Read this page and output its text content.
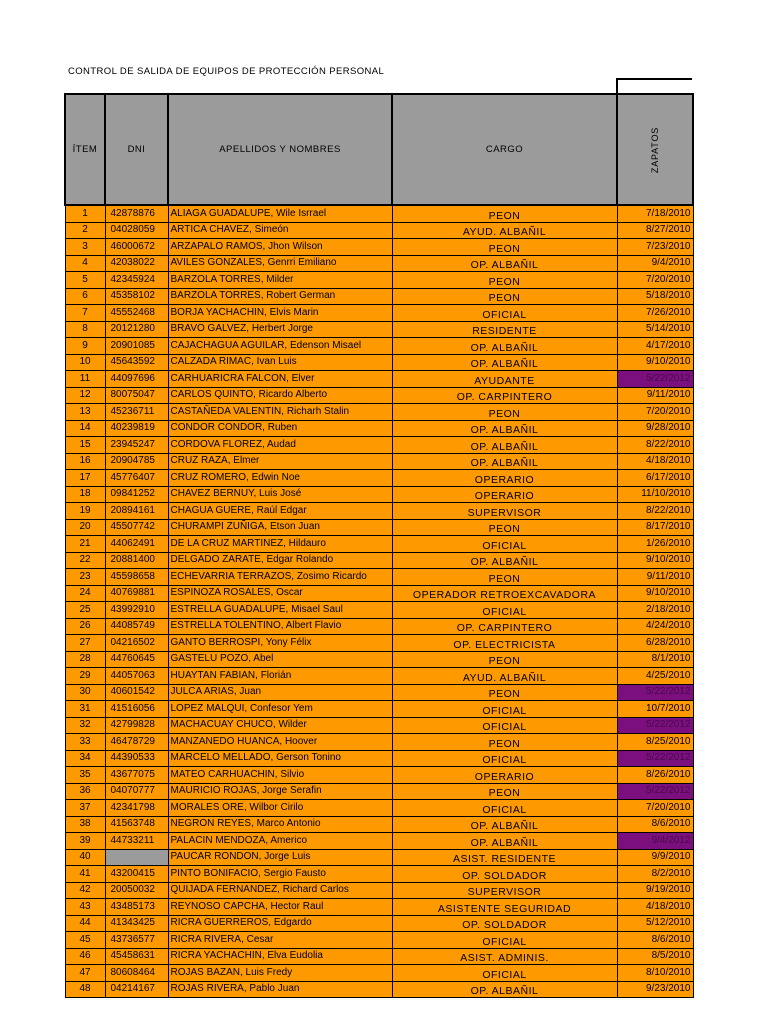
CONTROL DE SALIDA DE EQUIPOS DE PROTECCIÓN PERSONAL
ÍTEM	DNI	APELLIDOS Y NOMBRES	CARGO	ZAPATOS

1	42878876	ALIAGA GUADALUPE, Wile Isrrael	PEON	7/18/2010
2	04028059	ARTICA CHAVEZ, Simeón	AYUD. ALBAÑIL	8/27/2010
3	46000672	ARZAPALO RAMOS, Jhon Wilson	PEON	7/23/2010
4	42038022	AVILES GONZALES, Genrri Emiliano	OP. ALBAÑIL	9/4/2010
5	42345924	BARZOLA TORRES, Milder	PEON	7/20/2010
6	45358102	BARZOLA TORRES, Robert German	PEON	5/18/2010
7	45552468	BORJA YACHACHIN, Elvis Marin	OFICIAL	7/26/2010
8	20121280	BRAVO GALVEZ, Herbert Jorge	RESIDENTE	5/14/2010
9	20901085	CAJACHAGUA AGUILAR, Edenson Misael	OP. ALBAÑIL	4/17/2010
10	45643592	CALZADA RIMAC, Ivan Luis	OP. ALBAÑIL	9/10/2010
11	44097696	CARHUARICRA FALCON, Elver	AYUDANTE	5/22/2012
12	80075047	CARLOS QUINTO, Ricardo Alberto	OP. CARPINTERO	9/11/2010
13	45236711	CASTAÑEDA VALENTIN, Richarh Stalin	PEON	7/20/2010
14	40239819	CONDOR CONDOR, Ruben	OP. ALBAÑIL	9/28/2010
15	23945247	CORDOVA FLOREZ, Audad	OP. ALBAÑIL	8/22/2010
16	20904785	CRUZ RAZA, Elmer	OP. ALBAÑIL	4/18/2010
17	45776407	CRUZ ROMERO, Edwin Noe	OPERARIO	6/17/2010
18	09841252	CHAVEZ BERNUY, Luis José	OPERARIO	11/10/2010
19	20894161	CHAGUA GUERE, Raúl Edgar	SUPERVISOR	8/22/2010
20	45507742	CHURAMPI ZUÑIGA, Etson Juan	PEON	8/17/2010
21	44062491	DE LA CRUZ MARTINEZ, Hildauro	OFICIAL	1/26/2010
22	20881400	DELGADO ZARATE, Edgar Rolando	OP. ALBAÑIL	9/10/2010
23	45598658	ECHEVARRIA TERRAZOS, Zosimo Ricardo	PEON	9/11/2010
24	40769881	ESPINOZA ROSALES, Oscar	OPERADOR RETROEXCAVADORA	9/10/2010
25	43992910	ESTRELLA GUADALUPE, Misael Saul	OFICIAL	2/18/2010
26	44085749	ESTRELLA TOLENTINO, Albert Flavio	OP. CARPINTERO	4/24/2010
27	04216502	GANTO BERROSPI, Yony Félix	OP. ELECTRICISTA	6/28/2010
28	44760645	GASTELU POZO, Abel	PEON	8/1/2010
29	44057063	HUAYTAN FABIAN, Florián	AYUD. ALBAÑIL	4/25/2010
30	40601542	JULCA ARIAS, Juan	PEON	5/22/2012
31	41516056	LOPEZ MALQUI, Confesor Yem	OFICIAL	10/7/2010
32	42799828	MACHACUAY CHUCO, Wilder	OFICIAL	5/22/2012
33	46478729	MANZANEDO HUANCA, Hoover	PEON	8/25/2010
34	44390533	MARCELO MELLADO, Gerson Tonino	OFICIAL	5/22/2012
35	43677075	MATEO CARHUACHIN, Silvio	OPERARIO	8/26/2010
36	04070777	MAURICIO ROJAS, Jorge Serafin	PEON	5/22/2012
37	42341798	MORALES ORE, Wilbor Cirilo	OFICIAL	7/20/2010
38	41563748	NEGRON REYES, Marco Antonio	OP. ALBAÑIL	8/6/2010
39	44733211	PALACIN MENDOZA, Americo	OP. ALBAÑIL	9/4/2012
40		PAUCAR RONDON, Jorge Luis	ASIST. RESIDENTE	9/9/2010
41	43200415	PINTO BONIFACIO, Sergio Fausto	OP. SOLDADOR	8/2/2010
42	20050032	QUIJADA FERNANDEZ, Richard Carlos	SUPERVISOR	9/19/2010
43	43485173	REYNOSO CAPCHA, Hector Raul	ASISTENTE SEGURIDAD	4/18/2010
44	41343425	RICRA GUERREROS, Edgardo	OP. SOLDADOR	5/12/2010
45	43736577	RICRA RIVERA, Cesar	OFICIAL	8/6/2010
46	45458631	RICRA YACHACHIN, Elva Eudolia	ASIST. ADMINIS.	8/5/2010
47	80608464	ROJAS BAZAN, Luis Fredy	OFICIAL	8/10/2010
48	04214167	ROJAS RIVERA, Pablo Juan	OP. ALBAÑIL	9/23/2010
